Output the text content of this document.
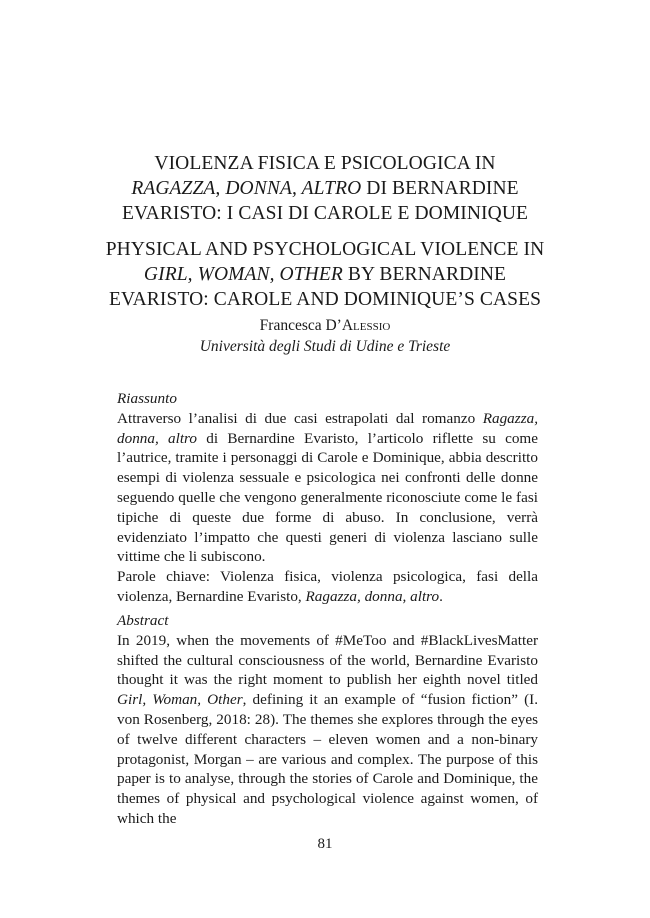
VIOLENZA FISICA E PSICOLOGICA IN
RAGAZZA, DONNA, ALTRO DI BERNARDINE
EVARISTO: I CASI DI CAROLE E DOMINIQUE
PHYSICAL AND PSYCHOLOGICAL VIOLENCE IN
GIRL, WOMAN, OTHER BY BERNARDINE
EVARISTO: CAROLE AND DOMINIQUE’S CASES
Francesca D’Alessio
Università degli Studi di Udine e Trieste
Riassunto

Attraverso l’analisi di due casi estrapolati dal romanzo Ragazza, donna, altro di Bernardine Evaristo, l’articolo riflette su come l’autrice, tramite i personaggi di Carole e Dominique, abbia descritto esempi di violenza sessuale e psicologica nei confronti delle donne seguendo quelle che vengono generalmente riconosciute come le fasi tipiche di queste due forme di abuso. In conclusione, verrà evidenziato l’impatto che questi generi di violenza lasciano sulle vittime che li subiscono.

Parole chiave: Violenza fisica, violenza psicologica, fasi della violenza, Bernardine Evaristo, Ragazza, donna, altro.

Abstract

In 2019, when the movements of #MeToo and #BlackLivesMatter shifted the cultural consciousness of the world, Bernardine Evaristo thought it was the right moment to publish her eighth novel titled Girl, Woman, Other, defining it an example of “fusion fiction” (I. von Rosenberg, 2018: 28). The themes she explores through the eyes of twelve different characters – eleven women and a non-binary protagonist, Morgan – are various and complex. The purpose of this paper is to analyse, through the stories of Carole and Dominique, the themes of physical and psychological violence against women, of which the

81
